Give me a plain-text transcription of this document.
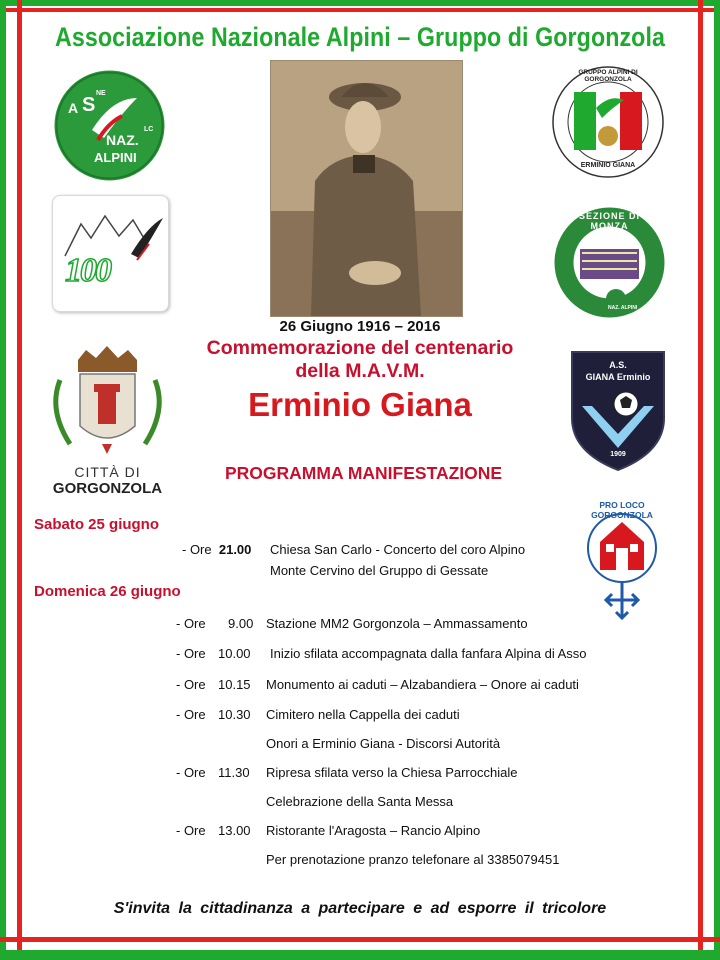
Associazione Nazionale Alpini – Gruppo di Gorgonzola
A S
NE
LC
NAZ.
ALPINI
100
GRUPPO ALPINI DI GORGONZOLA
ERMINIO GIANA
SEZIONE DI MONZA
NAZ. ALPINI
CITTÀ DI
GORGONZOLA
A.S.
GIANA Erminio
1909
PRO LOCO GORGONZOLA
26 Giugno 1916 – 2016
Commemorazione del centenario
della M.A.V.M.
Erminio Giana
PROGRAMMA MANIFESTAZIONE
Sabato 25 giugno
- Ore 21.00 Chiesa San Carlo - Concerto del coro Alpino
Monte Cervino del Gruppo di Gessate
Domenica 26 giugno
- Ore 9.00 Stazione MM2 Gorgonzola – Ammassamento
- Ore 10.00 Inizio sfilata accompagnata dalla fanfara Alpina di Asso
- Ore 10.15 Monumento ai caduti – Alzabandiera – Onore ai caduti
- Ore 10.30 Cimitero nella Cappella dei caduti
Onori a Erminio Giana - Discorsi Autorità
- Ore 11.30 Ripresa sfilata verso la Chiesa Parrocchiale
Celebrazione della Santa Messa
- Ore 13.00 Ristorante l'Aragosta – Rancio Alpino
Per prenotazione pranzo telefonare al 3385079451
S'invita la cittadinanza a partecipare e ad esporre il tricolore
